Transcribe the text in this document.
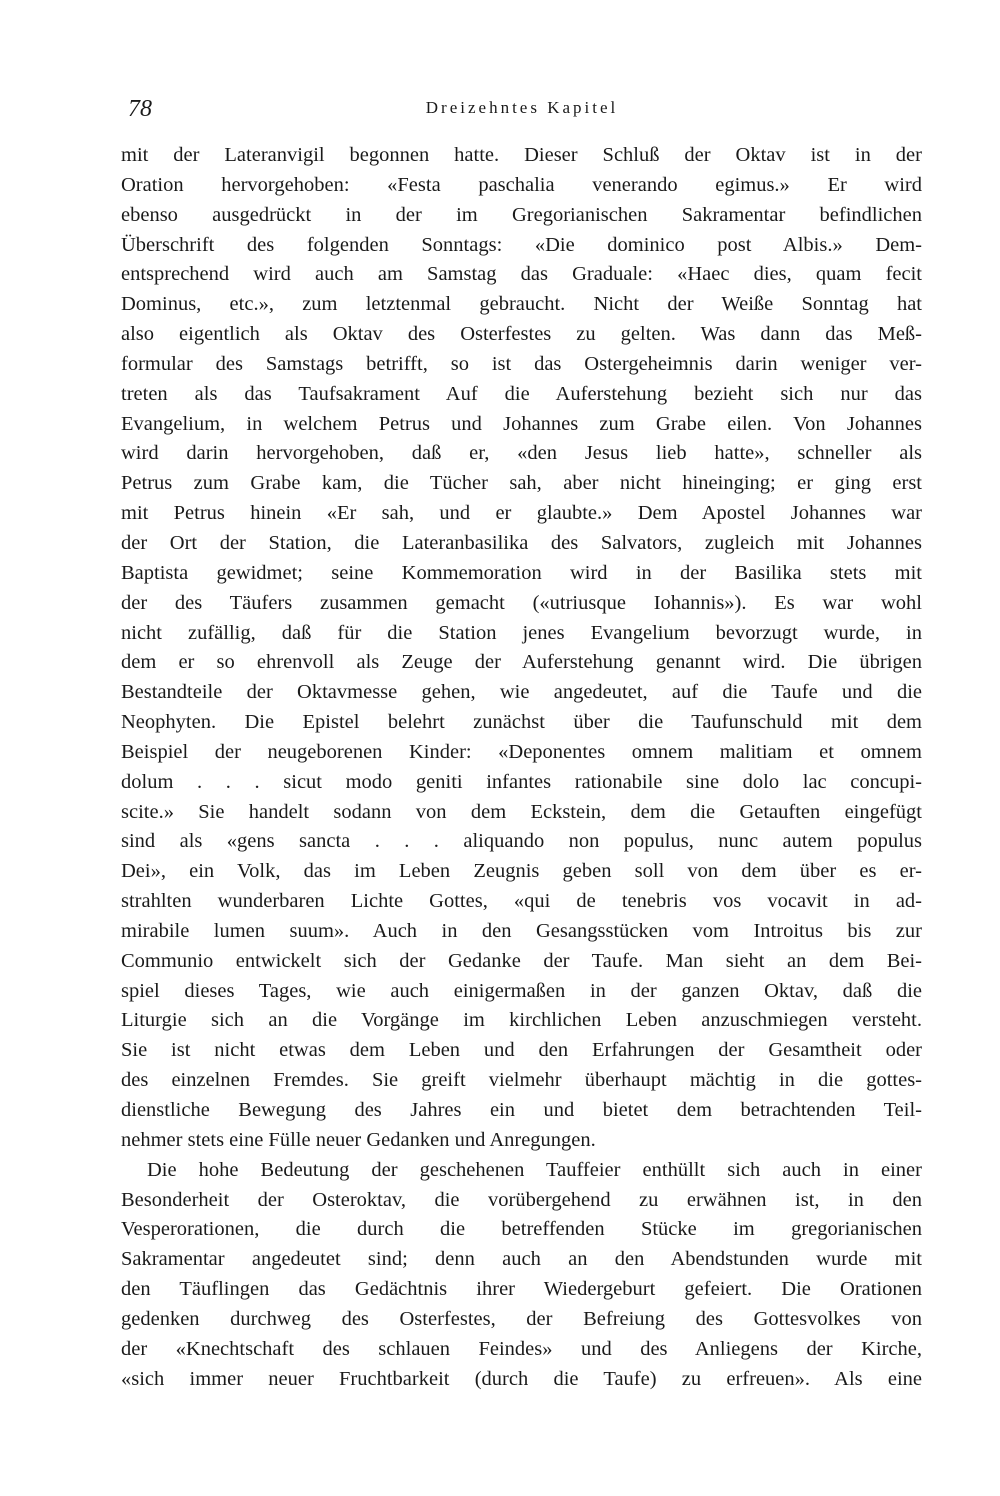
78	Dreizehntes Kapitel
mit der Lateranvigil begonnen hatte. Dieser Schluß der Oktav ist in der
Oration hervorgehoben: «Festa paschalia venerando egimus.» Er wird
ebenso ausgedrückt in der im Gregorianischen Sakramentar befindlichen
Überschrift des folgenden Sonntags: «Die dominico post Albis.» Dem-
entsprechend wird auch am Samstag das Graduale: «Haec dies, quam fecit
Dominus, etc.», zum letztenmal gebraucht. Nicht der Weiße Sonntag hat
also eigentlich als Oktav des Osterfestes zu gelten. Was dann das Meß-
formular des Samstags betrifft, so ist das Ostergeheimnis darin weniger ver-
treten als das Taufsakrament Auf die Auferstehung bezieht sich nur das
Evangelium, in welchem Petrus und Johannes zum Grabe eilen. Von Johannes
wird darin hervorgehoben, daß er, «den Jesus lieb hatte», schneller als
Petrus zum Grabe kam, die Tücher sah, aber nicht hineinging; er ging erst
mit Petrus hinein «Er sah, und er glaubte.» Dem Apostel Johannes war
der Ort der Station, die Lateranbasilika des Salvators, zugleich mit Johannes
Baptista gewidmet; seine Kommemoration wird in der Basilika stets mit
der des Täufers zusammen gemacht («utriusque Iohannis»). Es war wohl
nicht zufällig, daß für die Station jenes Evangelium bevorzugt wurde, in
dem er so ehrenvoll als Zeuge der Auferstehung genannt wird. Die übrigen
Bestandteile der Oktavmesse gehen, wie angedeutet, auf die Taufe und die
Neophyten. Die Epistel belehrt zunächst über die Taufunschuld mit dem
Beispiel der neugeborenen Kinder: «Deponentes omnem malitiam et omnem
dolum . . . sicut modo geniti infantes rationabile sine dolo lac concupi-
scite.» Sie handelt sodann von dem Eckstein, dem die Getauften eingefügt
sind als «gens sancta . . . aliquando non populus, nunc autem populus
Dei», ein Volk, das im Leben Zeugnis geben soll von dem über es er-
strahlten wunderbaren Lichte Gottes, «qui de tenebris vos vocavit in ad-
mirabile lumen suum». Auch in den Gesangsstücken vom Introitus bis zur
Communio entwickelt sich der Gedanke der Taufe. Man sieht an dem Bei-
spiel dieses Tages, wie auch einigermaßen in der ganzen Oktav, daß die
Liturgie sich an die Vorgänge im kirchlichen Leben anzuschmiegen versteht.
Sie ist nicht etwas dem Leben und den Erfahrungen der Gesamtheit oder
des einzelnen Fremdes. Sie greift vielmehr überhaupt mächtig in die gottes-
dienstliche Bewegung des Jahres ein und bietet dem betrachtenden Teil-
nehmer stets eine Fülle neuer Gedanken und Anregungen.
Die hohe Bedeutung der geschehenen Tauffeier enthüllt sich auch in einer
Besonderheit der Osteroktav, die vorübergehend zu erwähnen ist, in den
Vesperorationen, die durch die betreffenden Stücke im gregorianischen
Sakramentar angedeutet sind; denn auch an den Abendstunden wurde mit
den Täuflingen das Gedächtnis ihrer Wiedergeburt gefeiert. Die Orationen
gedenken durchweg des Osterfestes, der Befreiung des Gottesvolkes von
der «Knechtschaft des schlauen Feindes» und des Anliegens der Kirche,
«sich immer neuer Fruchtbarkeit (durch die Taufe) zu erfreuen». Als eine
